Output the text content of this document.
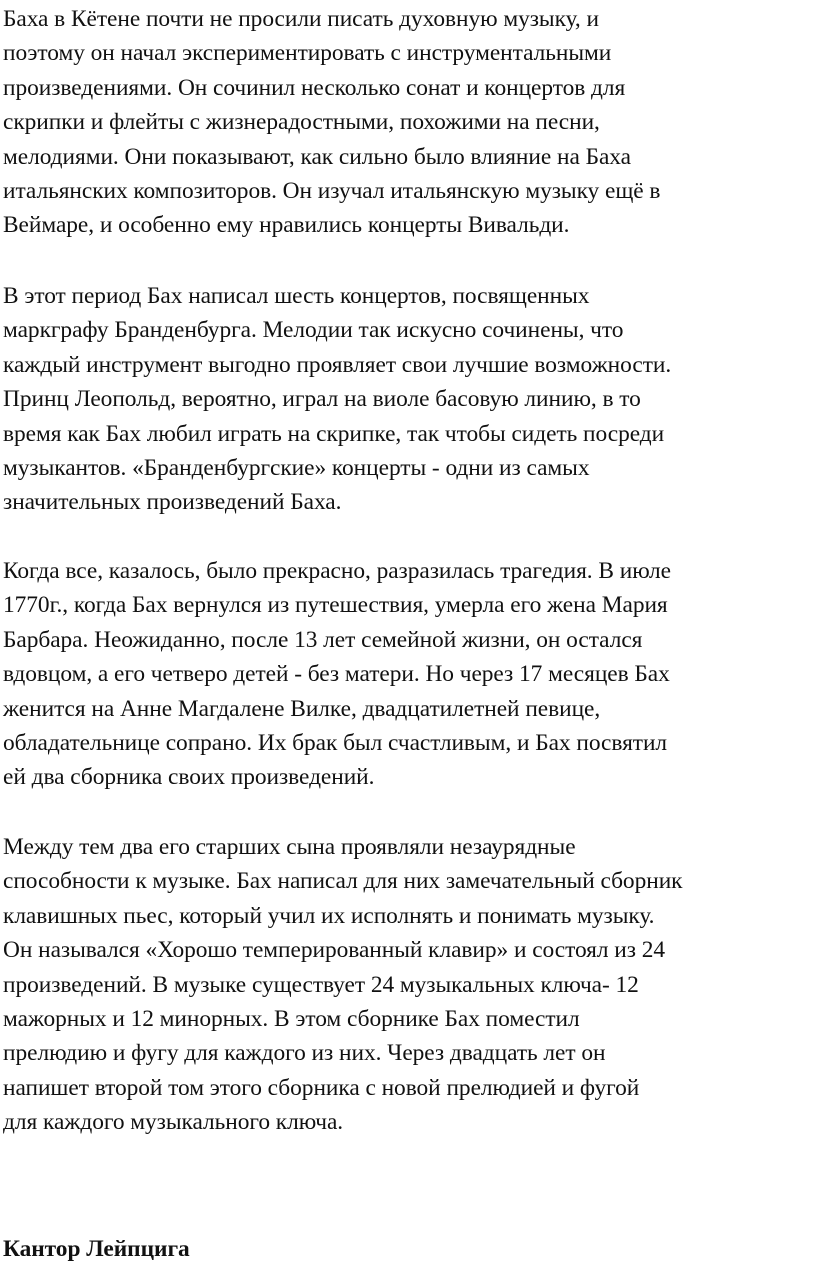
Баха в Кётене почти не просили писать духовную музыку, и
поэтому он начал экспериментировать с инструментальными
произведениями. Он сочинил несколько сонат и концертов для
скрипки и флейты с жизнерадостными, похожими на песни,
мелодиями. Они показывают, как сильно было влияние на Баха
итальянских композиторов. Он изучал итальянскую музыку ещё в
Веймаре, и особенно ему нравились концерты Вивальди.

В этот период Бах написал шесть концертов, посвященных
маркграфу Бранденбурга. Мелодии так искусно сочинены, что
каждый инструмент выгодно проявляет свои лучшие возможности.
Принц Леопольд, вероятно, играл на виоле басовую линию, в то
время как Бах любил играть на скрипке, так чтобы сидеть посреди
музыкантов. «Бранденбургские» концерты - одни из самых
значительных произведений Баха.

Когда все, казалось, было прекрасно, разразилась трагедия. В июле
1770г., когда Бах вернулся из путешествия, умерла его жена Мария
Барбара. Неожиданно, после 13 лет семейной жизни, он остался
вдовцом, а его четверо детей - без матери. Но через 17 месяцев Бах
женится на Анне Магдалене Вилке, двадцатилетней певице,
обладательнице сопрано. Их брак был счастливым, и Бах посвятил
ей два сборника своих произведений.

Между тем два его старших сына проявляли незаурядные
способности к музыке. Бах написал для них замечательный сборник
клавишных пьес, который учил их исполнять и понимать музыку.
Он назывался «Хорошо темперированный клавир» и состоял из 24
произведений. В музыке существует 24 музыкальных ключа- 12
мажорных и 12 минорных. В этом сборнике Бах поместил
прелюдию и фугу для каждого из них. Через двадцать лет он
напишет второй том этого сборника с новой прелюдией и фугой
для каждого музыкального ключа.

Кантор Лейпцига
